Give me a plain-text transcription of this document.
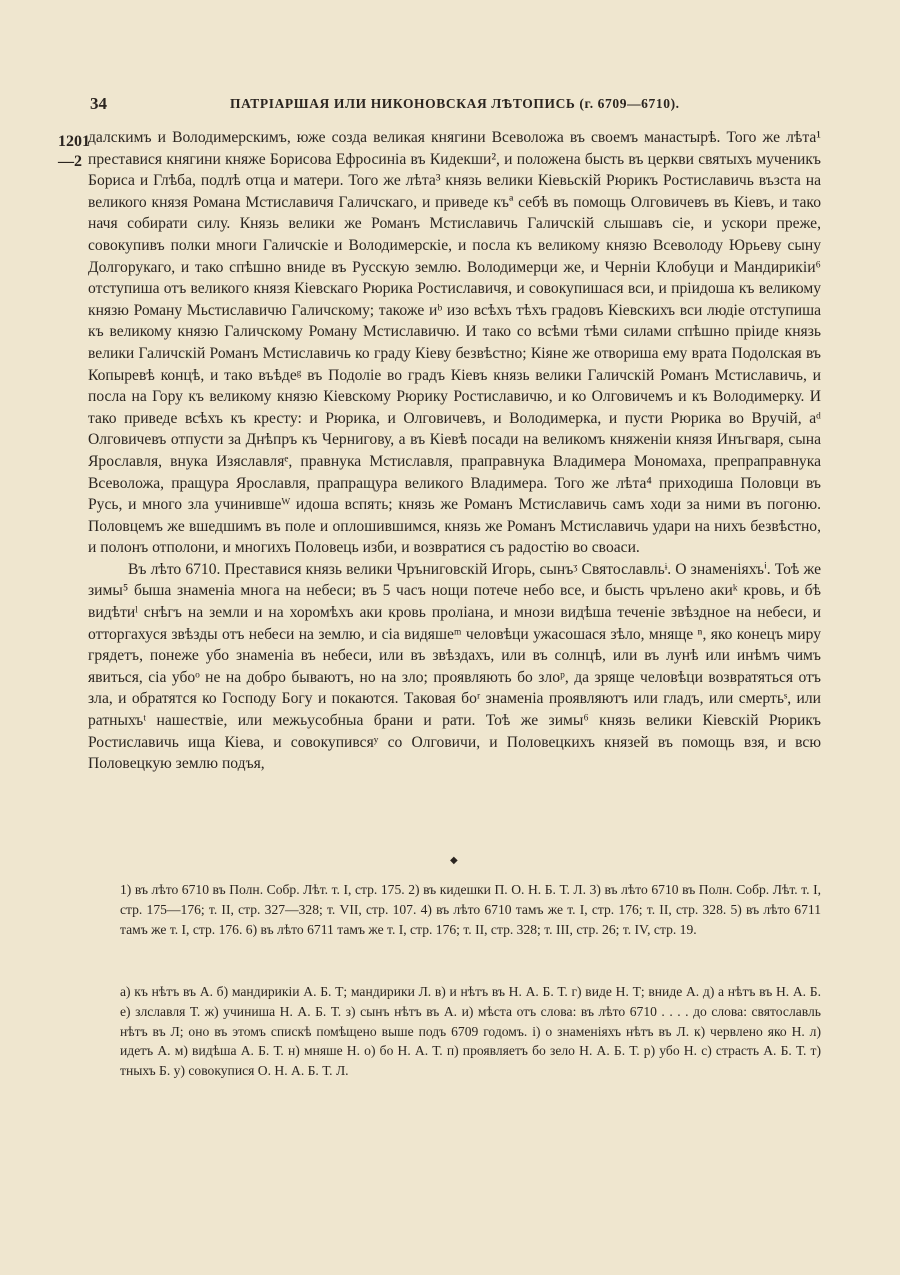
34	ПАТРІАРШАЯ ИЛИ НИКОНОВСКАЯ ЛѢТОПИСЬ (г. 6709—6710).
1201
—2

далскимъ и Володимерскимъ, юже созда великая княгини Всеволожа въ своемъ манастырѣ. Того же лѣта¹ преставися княгини княже Борисова Ефросиніа въ Кидекши², и положена бысть въ церкви святыхъ мученикъ Бориса и Глѣба, подлѣ отца и матери. Того же лѣта³ князь велики Кіевьскій Рюрикъ Ростиславичь възста на великого князя Романа Мстиславичя Галичскаго, и приведе къª себѣ въ помощь Олговичевъ въ Кіевъ, и тако начя собирати силу. Князь велики же Романъ Мстиславичь Галичскій слышавъ сіе, и ускори преже, совокупивъ полки многи Галичскіе и Володимерскіе, и посла къ великому князю Всеволоду Юрьеву сыну Долгорукаго, и тако спѣшно вниде въ Русскую землю. Володимерци же, и Черніи Клобуци и Мандирикіи⁶ отступиша отъ великого князя Кіевскаго Рюрика Ростиславичя, и совокупишася вси, и пріидоша къ великому князю Роману Мьстиславичю Галичскому; такоже иᵇ изо всѣхъ тѣхъ градовъ Кіевскихъ вси людіе отступиша къ великому князю Галичскому Роману Мстиславичю. И тако со всѣми тѣми силами спѣшно пріиде князь велики Галичскій Романъ Мстиславичь ко граду Кіеву безвѣстно; Кіяне же отвориша ему врата Подолская въ Копыревѣ концѣ, и тако въѣдеᵍ въ Подоліе во градъ Кіевъ князь велики Галичскій Романъ Мстиславичь, и посла на Гору къ великому князю Кіевскому Рюрику Ростиславичю, и ко Олговичемъ и къ Володимерку. И тако приведе всѣхъ къ кресту: и Рюрика, и Олговичевъ, и Володимерка, и пусти Рюрика во Вручій, аᵈ Олговичевъ отпусти за Днѣпръ къ Чернигову, а въ Кіевѣ посади на великомъ княженіи князя Инъгваря, сына Ярославля, внука Изяславляᵉ, правнука Мстиславля, праправнука Владимера Мономаха, препраправнука Всеволожа, пращура Ярославля, прапращура великого Владимера. Того же лѣта⁴ приходиша Половци въ Русь, и много зла учинившеᵂ идоша вспять; князь же Романъ Мстиславичь самъ ходи за ними въ погоню. Половцемъ же вшедшимъ въ поле и оплошившимся, князь же Романъ Мстиславичь удари на нихъ безвѣстно, и полонъ отполони, и многихъ Половець изби, и возвратися съ радостію во своаси.

Въ лѣто 6710. Преставися князь велики Чръниговскій Игорь, сынъᶾ Святославльᶤ. О знаменіяхъⁱ. Тоѣ же зимы⁵ быша знаменіа многа на небеси; въ 5 часъ нощи потече небо все, и бысть чрълено акиᵏ кровь, и бѣ видѣтиˡ снѣгъ на земли и на хоромѣхъ аки кровь проліана, и мнози видѣша теченіе звѣздное на небеси, и отторгахуся звѣзды отъ небеси на землю, и сіа видяшеᵐ человѣци ужасошася зѣло, мняще ⁿ, яко конецъ миру грядетъ, понеже убо знаменіа въ небеси, или въ звѣздахъ, или въ солнцѣ, или въ лунѣ или инѣмъ чимъ явиться, сіа убоᵒ не на добро бываютъ, но на зло; проявляють бо злоᵖ, да зряще человѣци возвратяться отъ зла, и обратятся ко Господу Богу и покаются. Таковая боʳ знаменіа проявляютъ или гладъ, или смертьˢ, или ратныхъᵗ нашествіе, или межьусобныа брани и рати. Тоѣ же зимы⁶ князь велики Кіевскій Рюрикъ Ростиславичь ища Кіева, и совокупивсяʸ со Олговичи, и Половецкихъ князей въ помощь взя, и всю Половецкую землю подъя,

◆

1) въ лѣто 6710 въ Полн. Собр. Лѣт. т. I, стр. 175. 2) въ кидешки П. О. Н. Б. Т. Л. 3) въ лѣто 6710 въ Полн. Собр. Лѣт. т. I, стр. 175—176; т. II, стр. 327—328; т. VII, стр. 107. 4) въ лѣто 6710 тамъ же т. I, стр. 176; т. II, стр. 328. 5) въ лѣто 6711 тамъ же т. I, стр. 176. 6) въ лѣто 6711 тамъ же т. I, стр. 176; т. II, стр. 328; т. III, стр. 26; т. IV, стр. 19.

а) къ нѣтъ въ А. б) мандирикіи А. Б. Т; мандирики Л. в) и нѣтъ въ Н. А. Б. Т. г) виде Н. Т; вниде А. д) а нѣтъ въ Н. А. Б. е) злславля Т. ж) учиниша Н. А. Б. Т. з) сынъ нѣтъ въ А. и) мѣста отъ слова: въ лѣто 6710 . . . . до слова: святославль нѣтъ въ Л; оно въ этомъ спискѣ помѣщено выше подъ 6709 годомъ. і) о знаменіяхъ нѣтъ въ Л. к) червлено яко Н. л) идетъ А. м) видѣша А. Б. Т. н) мняше Н. о) бо Н. А. Т. п) проявляетъ бо зело Н. А. Б. Т. р) убо Н. с) страсть А. Б. Т. т) тныхъ Б. у) совокупися О. Н. А. Б. Т. Л.
